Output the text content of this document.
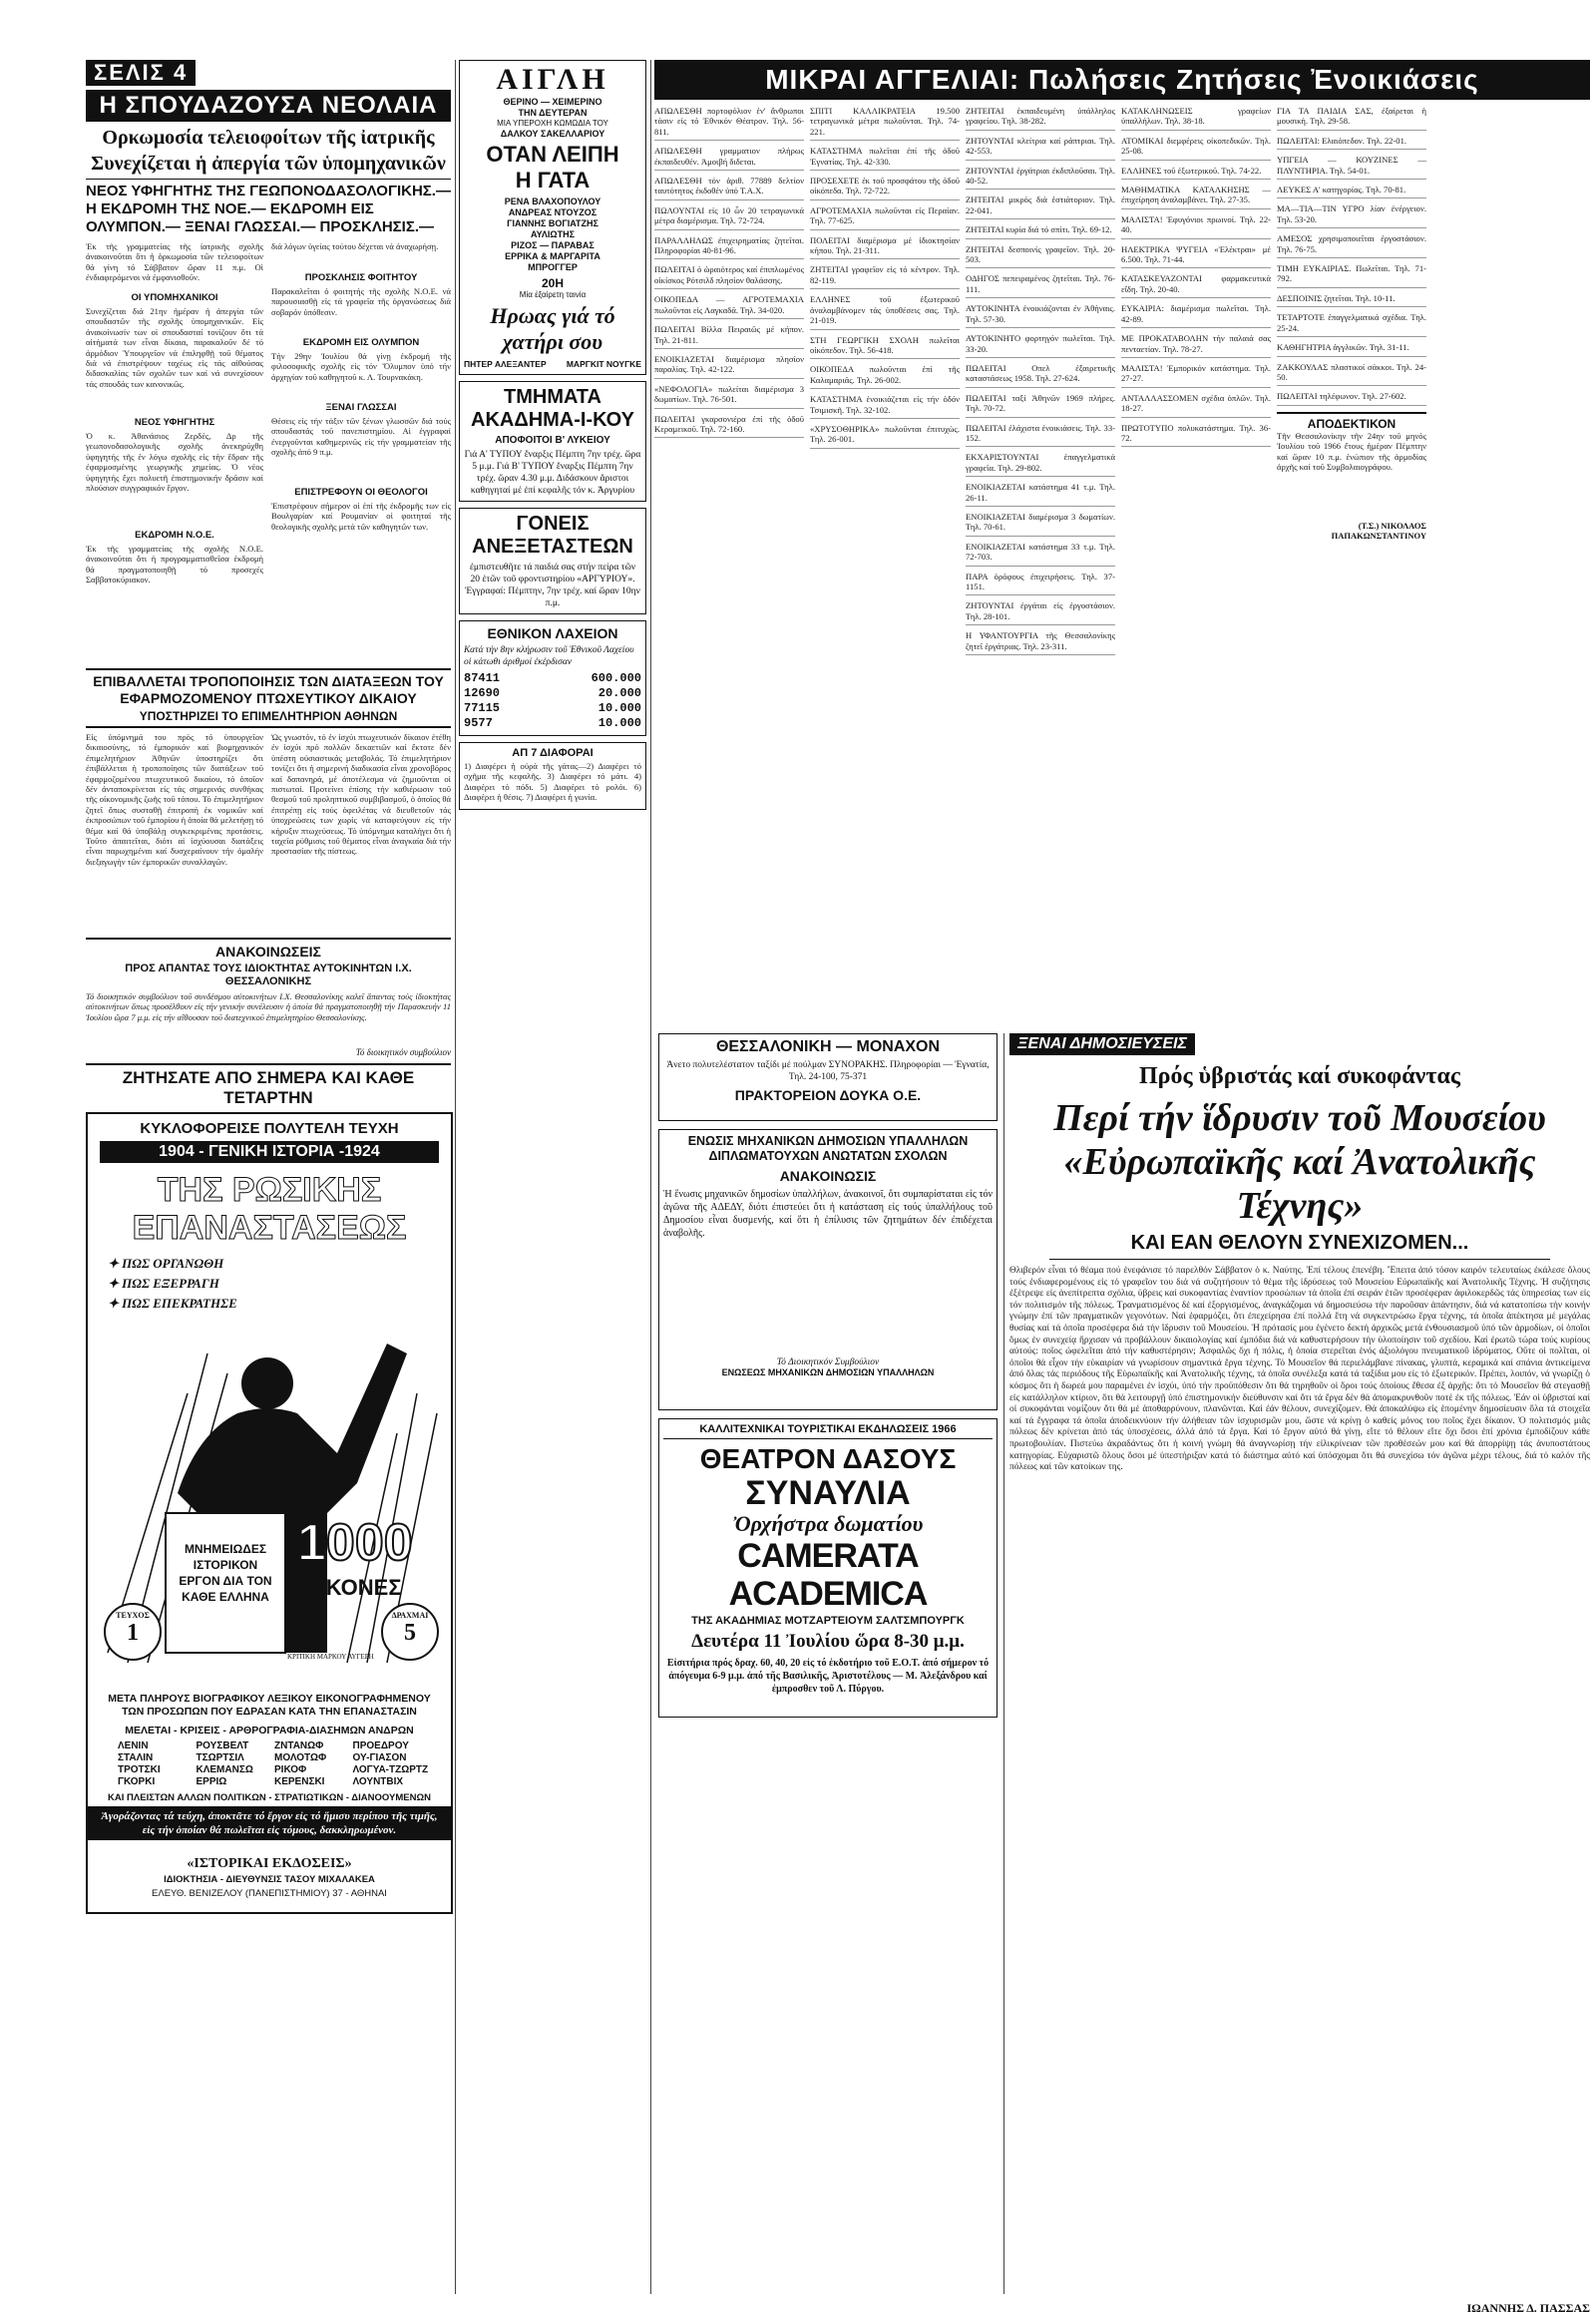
ΣΕΛΙΣ 4
Η ΣΠΟΥΔΑΖΟΥΣΑ ΝΕΟΛΑΙΑ
Ορκωμοσία τελειοφοίτων τῆς ἰατρικῆς
Συνεχίζεται ἡ ἀπεργία τῶν ὑπομηχανικῶν
ΝΕΟΣ ΥΦΗΓΗΤΗΣ ΤΗΣ ΓΕΩΠΟΝΟΔΑΣΟΛΟΓΙΚΗΣ.— Η ΕΚΔΡΟΜΗ ΤΗΣ ΝΟΕ.— ΕΚΔΡΟΜΗ ΕΙΣ ΟΛΥΜΠΟΝ.— ΞΕΝΑΙ ΓΛΩΣΣΑΙ.— ΠΡΟΣΚΛΗΣΙΣ.—
Ἐκ τῆς γραμματείας τῆς ἰατρικῆς σχολῆς ἀνακοινοῦται ὅτι ἡ ὁρκωμοσία τῶν τελειοφοίτων θά γίνη τό Σάββατον ὥραν 11 π.μ. Οἱ ἐνδιαφερόμενοι νά ἐμφανισθοῦν.
ΟΙ ΥΠΟΜΗΧΑΝΙΚΟΙ
Συνεχίζεται διά 21ην ἡμέραν ἡ ἀπεργία τῶν σπουδαστῶν τῆς σχολῆς ὑπομηχανικῶν. Εἰς ἀνακοίνωσίν των οἱ σπουδασταί τονίζουν ὅτι τά αἰτήματά των εἶναι δίκαια, παρακαλοῦν δέ τό ἀρμόδιον Ὑπουργεῖον νά ἐπιληφθῇ τοῦ θέματος διά νά ἐπιστρέψουν ταχέως εἰς τάς αἰθούσας διδασκαλίας τῶν σχολῶν των καί νά συνεχίσουν τάς σπουδάς των κανονικῶς.
ΝΕΟΣ ΥΦΗΓΗΤΗΣ
Ὁ κ. Ἀθανάσιος Ζερδές, Δρ τῆς γεωπονοδασολογικῆς σχολῆς ἀνεκηρύχθη ὑφηγητής τῆς ἐν λόγω σχολῆς εἰς τήν ἕδραν τῆς ἐφαρμοσμένης γεωργικῆς χημείας. Ὁ νέος ὑφηγητής ἔχει πολυετῆ ἐπιστημονικήν δρᾶσιν καί πλούσιον συγγραφικόν ἔργον.
ΕΚΔΡΟΜΗ Ν.Ο.Ε.
Ἐκ τῆς γραμματείας τῆς σχολῆς Ν.Ο.Ε. ἀνακοινοῦται ὅτι ἡ προγραμματισθεῖσα ἐκδρομή θά πραγματοποιηθῇ τό προσεχές Σαββατοκύριακον.
διά λόγων ὑγείας τούτου δέχεται νά ἀναχωρήσῃ.
ΠΡΟΣΚΛΗΣΙΣ ΦΟΙΤΗΤΟΥ
Παρακαλεῖται ὁ φοιτητής τῆς σχολῆς Ν.Ο.Ε. νά παρουσιασθῇ εἰς τά γραφεῖα τῆς ὀργανώσεως διά σοβαρόν ὑπόθεσιν.
ΕΚΔΡΟΜΗ ΕΙΣ ΟΛΥΜΠΟΝ
Τήν 29ην Ἰουλίου θά γίνῃ ἐκδρομή τῆς φιλοσοφικῆς σχολῆς εἰς τόν Ὄλυμπον ὑπό τήν ἀρχηγίαν τοῦ καθηγητοῦ κ. Λ. Τουρνακάκη.
ΞΕΝΑΙ ΓΛΩΣΣΑΙ
Θέσεις εἰς τήν τάξιν τῶν ξένων γλωσσῶν διά τούς σπουδαστάς τοῦ πανεπιστημίου. Αἱ ἐγγραφαί ἐνεργοῦνται καθημερινῶς εἰς τήν γραμματείαν τῆς σχολῆς ἀπό 9 π.μ.
ΕΠΙΣΤΡΕΦΟΥΝ ΟΙ ΘΕΟΛΟΓΟΙ
Ἐπιστρέφουν σήμερον οἱ ἐπί τῆς ἐκδρομῆς των εἰς Βουλγαρίαν καί Ρουμανίαν οἱ φοιτηταί τῆς θεολογικῆς σχολῆς μετά τῶν καθηγητῶν των.
ΕΠΙΒΑΛΛΕΤΑΙ ΤΡΟΠΟΠΟΙΗΣΙΣ ΤΩΝ ΔΙΑΤΑΞΕΩΝ ΤΟΥ ΕΦΑΡΜΟΖΟΜΕΝΟΥ ΠΤΩΧΕΥΤΙΚΟΥ ΔΙΚΑΙΟΥ
ΥΠΟΣΤΗΡΙΖΕΙ ΤΟ ΕΠΙΜΕΛΗΤΗΡΙΟΝ ΑΘΗΝΩΝ
Εἰς ὑπόμνημά του πρός τό ὑπουργεῖον δικαιοσύνης, τό ἐμπορικόν καί βιομηχανικόν ἐπιμελητήριον Ἀθηνῶν ὑποστηρίζει ὅτι ἐπιβάλλεται ἡ τροποποίησις τῶν διατάξεων τοῦ ἐφαρμοζομένου πτωχευτικοῦ δικαίου, τό ὁποῖον δέν ἀνταποκρίνεται εἰς τάς σημερινάς συνθήκας τῆς οἰκονομικῆς ζωῆς τοῦ τόπου. Τό ἐπιμελητήριον ζητεῖ ὅπως συσταθῇ ἐπιτροπή ἐκ νομικῶν καί ἐκπροσώπων τοῦ ἐμπορίου ἡ ὁποία θά μελετήσῃ τό θέμα καί θά ὑποβάλῃ συγκεκριμένας προτάσεις. Τοῦτο ἀπαιτεῖται, διότι αἱ ἰσχύουσαι διατάξεις εἶναι παρωχημέναι καί δυσχεραίνουν τήν ὁμαλήν διεξαγωγήν τῶν ἐμπορικῶν συναλλαγῶν.
Ὡς γνωστόν, τό ἐν ἰσχύι πτωχευτικόν δίκαιον ἐτέθη ἐν ἰσχύι πρό πολλῶν δεκαετιῶν καί ἔκτοτε δέν ὑπέστη οὐσιαστικάς μεταβολάς. Τό ἐπιμελητήριον τονίζει ὅτι ἡ σημερινή διαδικασία εἶναι χρονοβόρος καί δαπανηρά, μέ ἀποτέλεσμα νά ζημιοῦνται οἱ πιστωταί. Προτείνει ἐπίσης τήν καθιέρωσιν τοῦ θεσμοῦ τοῦ προληπτικοῦ συμβιβασμοῦ, ὁ ὁποῖος θά ἐπιτρέπῃ εἰς τούς ὀφειλέτας νά διευθετοῦν τάς ὑποχρεώσεις των χωρίς νά καταφεύγουν εἰς τήν κήρυξιν πτωχεύσεως. Τό ὑπόμνημα καταλήγει ὅτι ἡ ταχεῖα ρύθμισις τοῦ θέματος εἶναι ἀναγκαία διά τήν προστασίαν τῆς πίστεως.
ΑΝΑΚΟΙΝΩΣΕΙΣ
ΠΡΟΣ ΑΠΑΝΤΑΣ ΤΟΥΣ ΙΔΙΟΚΤΗΤΑΣ ΑΥΤΟΚΙΝΗΤΩΝ Ι.Χ. ΘΕΣΣΑΛΟΝΙΚΗΣ
Τό διοικητικόν συμβούλιον τοῦ συνδέσμου αὐτοκινήτων Ι.Χ. Θεσσαλονίκης καλεῖ ἅπαντας τούς ἰδιοκτήτας αὐτοκινήτων ὅπως προσέλθουν εἰς τήν γενικήν συνέλευσιν ἡ ὁποία θά πραγματοποιηθῇ τήν Παρασκευήν 11 Ἰουλίου ὥρα 7 μ.μ. εἰς τήν αἴθουσαν τοῦ διατεχνικοῦ ἐπιμελητηρίου Θεσσαλονίκης.
Τό διοικητικόν συμβούλιον
ΖΗΤΗΣΑΤΕ ΑΠΟ ΣΗΜΕΡΑ ΚΑΙ ΚΑΘΕ ΤΕΤΑΡΤΗΝ
ΚΥΚΛΟΦΟΡΕΙΣΕ ΠΟΛΥΤΕΛΗ ΤΕΥΧΗ
1904 - ΓΕΝΙΚΗ ΙΣΤΟΡΙΑ -1924
ΤΗΣ ΡΩΣΙΚΗΣ
ΕΠΑΝΑΣΤΑΣΕΩΣ
✦ ΠΩΣ ΟΡΓΑΝΩΘΗ
✦ ΠΩΣ ΕΞΕΡΡΑΓΗ
✦ ΠΩΣ ΕΠΕΚΡΑΤΗΣΕ
ΜΝΗΜΕΙΩΔΕΣ ΙΣΤΟΡΙΚΟΝ ΕΡΓΟΝ ΔΙΑ ΤΟΝ ΚΑΘΕ ΕΛΛΗΝΑ
1000
ΕΙΚΟΝΕΣ
ΤΕΥΧΟΣ
1
ΔΡΑΧΜΑΙ
5
ΚΡΙΤΙΚΗ ΜΑΡΚΟΥ ΑΥΓΕΡΗ
ΜΕΤΑ ΠΛΗΡΟΥΣ ΒΙΟΓΡΑΦΙΚΟΥ ΛΕΞΙΚΟΥ ΕΙΚΟΝΟΓΡΑΦΗΜΕΝΟΥ ΤΩΝ ΠΡΟΣΩΠΩΝ ΠΟΥ ΕΔΡΑΣΑΝ ΚΑΤΑ ΤΗΝ ΕΠΑΝΑΣΤΑΣΙΝ
ΜΕΛΕΤΑΙ - ΚΡΙΣΕΙΣ - ΑΡΘΡΟΓΡΑΦΙΑ-ΔΙΑΣΗΜΩΝ ΑΝΔΡΩΝ
ΛΕΝΙΝ	ΡΟΥΣΒΕΛΤ	ΖΝΤΑΝΩΦ	ΠΡΟΕΔΡΟΥ
ΣΤΑΛΙΝ	ΤΣΩΡΤΣΙΛ	ΜΟΛΟΤΩΦ	ΟΥ-ΓΙΑΣΟΝ
ΤΡΟΤΣΚΙ	ΚΛΕΜΑΝΣΩ	ΡΙΚΟΦ	ΛΟΓΥΑ-ΤΖΩΡΤΖ
ΓΚΟΡΚΙ	ΕΡΡΙΩ	ΚΕΡΕΝΣΚΙ	ΛΟΥΝΤΒΙΧ
ΚΑΙ ΠΛΕΙΣΤΩΝ ΑΛΛΩΝ ΠΟΛΙΤΙΚΩΝ - ΣΤΡΑΤΙΩΤΙΚΩΝ - ΔΙΑΝΟΟΥΜΕΝΩΝ
Ἀγοράζοντας τά τεύχη, ἀποκτᾶτε τό ἔργον εἰς τό ἥμισυ περίπου τῆς τιμῆς, εἰς τήν ὁποίαν θά πωλεῖται εἰς τόμους, δακκληρωμένον.
«ΙΣΤΟΡΙΚΑΙ ΕΚΔΟΣΕΙΣ»
ΙΔΙΟΚΤΗΣΙΑ - ΔΙΕΥΘΥΝΣΙΣ ΤΑΣΟΥ ΜΙΧΑΛΑΚΕΑ
ΕΛΕΥΘ. ΒΕΝΙΖΕΛΟΥ (ΠΑΝΕΠΙΣΤΗΜΙΟΥ) 37 - ΑΘΗΝΑΙ
ΑΙΓΛΗ
ΘΕΡΙΝΟ — ΧΕΙΜΕΡΙΝΟ
ΤΗΝ ΔΕΥΤΕΡΑΝ
ΜΙΑ ΥΠΕΡΟΧΗ ΚΩΜΩΔΙΑ ΤΟΥ
ΔΑΛΚΟΥ ΣΑΚΕΛΛΑΡΙΟΥ
ΟΤΑΝ ΛΕΙΠΗ
Η ΓΑΤΑ
ΡΕΝΑ ΒΛΑΧΟΠΟΥΛΟΥ
ΑΝΔΡΕΑΣ ΝΤΟΥΖΟΣ
ΓΙΑΝΝΗΣ ΒΟΓΙΑΤΖΗΣ
ΑΥΛΙΩΤΗΣ
ΡΙΖΟΣ — ΠΑΡΑΒΑΣ
ΕΡΡΙΚΑ & ΜΑΡΓΑΡΙΤΑ
ΜΠΡΟΓΓΕΡ
20Η
Μία ἐξαίρετη ταινία
Ηρωας γιά τό χατήρι σου
ΠΗΤΕΡ ΑΛΕΞΑΝΤΕΡ ΜΑΡΓΚΙΤ ΝΟΥΓΚΕ
ΤΜΗΜΑΤΑ ΑΚΑΔΗΜΑ-Ι-ΚΟΥ
ΑΠΟΦΟΙΤΟΙ Β' ΛΥΚΕΙΟΥ
Γιά Α' ΤΥΠΟΥ ἔναρξις Πέμπτη 7ην τρέχ. ὥρα 5 μ.μ. Γιά Β' ΤΥΠΟΥ ἔναρξις Πέμπτη 7ην τρέχ. ὥραν 4.30 μ.μ. Διδάσκουν ἄριστοι καθηγηταί μέ ἐπί κεφαλῆς τόν κ. Ἀργυρίου
ΓΟΝΕΙΣ ΑΝΕΞΕΤΑΣΤΕΩΝ
ἐμπιστευθῆτε τά παιδιά σας στήν πείρα τῶν 20 ἐτῶν τοῦ φροντιστηρίου «ΑΡΓΥΡΙΟΥ». Ἐγγραφαί: Πέμπτην, 7ην τρέχ. καί ὥραν 10ην π.μ.
ΕΘΝΙΚΟΝ ΛΑΧΕΙΟΝ
Κατά τήν 8ην κλήρωσιν τοῦ Ἐθνικοῦ Λαχείου οἱ κάτωθι ἀριθμοί ἐκέρδισαν
87411	600.000
12690	20.000
77115	10.000
9577	10.000
ΑΠ 7 ΔΙΑΦΟΡΑΙ
1) Διαφέρει ἡ οὐρά τῆς γάτας—2) Διαφέρει τό σχῆμα τῆς κεφαλῆς. 3) Διαφέρει τό μάτι. 4) Διαφέρει τό πόδι. 5) Διαφέρει τό ρολόι. 6) Διαφέρει ἡ θέσις. 7) Διαφέρει ἡ γωνία.
ΜΙΚΡΑΙ ΑΓΓΕΛΙΑΙ: Πωλήσεις Ζητήσεις Ἐνοικιάσεις
ΑΠΩΛΕΣΘΗ πορτοφόλιον ἐν' ἄνθρωποι τάσιν εἰς τό Ἐθνικόν Θέατρον. Τηλ. 56-811.
ΑΠΩΛΕΣΘΗ γραμματιον πλήρως ἐκπαιδευθέν. Ἀμοιβή διδεται.
ΑΠΩΛΕΣΘΗ τόν ἀριθ. 77889 δελτίον ταυτότητος ἐκδοθέν ὑπό Τ.Α.Χ.
ΠΩΛΟΥΝΤΑΙ εἰς 10 ὧν 20 τετραγωνικά μέτρα διαμέρισμα. Τηλ. 72-724.
ΠΑΡΑΛΛΗΛΩΣ ἐπιχειρηματίας ζητεῖται. Πληροφορίαι 40-81-96.
ΠΩΛΕΙΤΑΙ ὁ ὡραιότερος καί ἐπιπλωμένος οἰκίσκος Ρότσιλδ πλησίον θαλάσσης.
ΟΙΚΟΠΕΔΑ — ΑΓΡΟΤΕΜΑΧΙΑ πωλοῦνται εἰς Λαγκαδᾶ. Τηλ. 34-020.
ΠΩΛΕΙΤΑΙ Βίλλα Πειραιῶς μέ κήπον. Τηλ. 21-811.
ΕΝΟΙΚΙΑΖΕΤΑΙ διαμέρισμα πλησίον παραλίας. Τηλ. 42-122.
«ΝΕΦΟΛΟΓΙΑ» πωλείται διαμέρισμα 3 δωματίων. Τηλ. 76-501.
ΠΩΛΕΙΤΑΙ γκαρσονιέρα ἐπί τῆς ὁδοῦ Κεραμεικοῦ. Τηλ. 72-160.
ΣΠΙΤΙ ΚΑΛΛΙΚΡΑΤΕΙΑ 19.500 τετραγωνικά μέτρα πωλοῦνται. Τηλ. 74-221.
ΚΑΤΑΣΤΗΜΑ πωλεῖται ἐπί τῆς ὁδοῦ Ἐγνατίας. Τηλ. 42-330.
ΠΡΟΣΕΧΕΤΕ ἐκ τοῦ προσφάτου τῆς ὁδοῦ οἰκόπεδα. Τηλ. 72-722.
ΑΓΡΟΤΕΜΑΧΙΑ πωλοῦνται εἰς Περαίαν. Τηλ. 77-625.
ΠΟΛΕΙΤΑΙ διαμέρισμα μέ ἰδιοκτησίαν κήπου. Τηλ. 21-311.
ΖΗΤΕΙΤΑΙ γραφεῖον εἰς τό κέντρον. Τηλ. 82-119.
ΕΛΛΗΝΕΣ τοῦ ἐξωτερικοῦ ἀναλαμβάνομεν τάς ὑποθέσεις σας. Τηλ. 21-019.
ΣΤΗ ΓΕΩΡΓΙΚΗ ΣΧΟΛΗ πωλεῖται οἰκόπεδον. Τηλ. 56-418.
ΟΙΚΟΠΕΔΑ πωλοῦνται ἐπί τῆς Καλαμαριᾶς. Τηλ. 26-002.
ΚΑΤΑΣΤΗΜΑ ἐνοικιάζεται εἰς τήν ὁδόν Τσιμισκῆ. Τηλ. 32-102.
«ΧΡΥΣΟΘΗΡΙΚΑ» πωλοῦνται ἐπιτυχώς. Τηλ. 26-001.
ΖΗΤΕΙΤΑΙ ἐκπαιδευμένη ὑπάλληλος γραφείου. Τηλ. 38-282.
ΖΗΤΟΥΝΤΑΙ κλείτρια καί ράπτριαι. Τηλ. 42-553.
ΖΗΤΟΥΝΤΑΙ ἐργάτριαι ἐκδιπλοῦσαι. Τηλ. 40-52.
ΖΗΤΕΙΤΑΙ μικρός διά ἑστιάτοριον. Τηλ. 22-041.
ΖΗΤΕΙΤΑΙ κυρία διά τό σπίτι. Τηλ. 69-12.
ΖΗΤΕΙΤΑΙ δεσποινίς γραφεῖον. Τηλ. 20-503.
ΟΔΗΓΟΣ πεπειραμένος ζητεῖται. Τηλ. 76-111.
ΑΥΤΟΚΙΝΗΤΑ ἐνοικιάζονται ἐν Ἀθήναις. Τηλ. 57-30.
ΑΥΤΟΚΙΝΗΤΟ φορτηγόν πωλεῖται. Τηλ. 33-20.
ΠΩΛΕΙΤΑΙ Οπελ ἐξαιρετικῆς καταστάσεως 1958. Τηλ. 27-624.
ΠΩΛΕΙΤΑΙ ταξί Ἀθηνῶν 1969 πλήρες. Τηλ. 70-72.
ΠΩΛΕΙΤΑΙ ἐλάχιστα ἐνοικιάσεις. Τηλ. 33-152.
ΕΚΧΑΡΙΣΤΟΥΝΤΑΙ ἐπαγγελματικά γραφεῖα. Τηλ. 29-802.
ΕΝΟΙΚΙΑΖΕΤΑΙ κατάστημα 41 τ.μ. Τηλ. 26-11.
ΕΝΟΙΚΙΑΖΕΤΑΙ διαμέρισμα 3 δωματίων. Τηλ. 70-61.
ΕΝΟΙΚΙΑΖΕΤΑΙ κατάστημα 33 τ.μ. Τηλ. 72-703.
ΠΑΡΑ ὀρόφους ἐπιχειρήσεις. Τηλ. 37-1151.
ΖΗΤΟΥΝΤΑΙ ἐργάται εἰς ἐργοστάσιον. Τηλ. 28-101.
Η ΥΦΑΝΤΟΥΡΓΙΑ τῆς Θεσσαλονίκης ζητεῖ ἐργάτριας. Τηλ. 23-311.
ΚΑΤΑΚΛΗΝΩΣΕΙΣ γραφείων ὑπαλλήλων. Τηλ. 38-18.
ΑΤΟΜΙΚΑΙ διεμφέρεις οἰκοπεδικῶν. Τηλ. 25-08.
ΕΛΛΗΝΕΣ τοῦ ἐξωτερικοῦ. Τηλ. 74-22.
ΜΑΘΗΜΑΤΙΚΑ ΚΑΤΑΛΚΗΣΗΣ — ἐπιχείρηση ἀναλαμβάνει. Τηλ. 27-35.
ΜΑΛΙΣΤΑ! Ἐφυγόνιοι πρωινοί. Τηλ. 22-40.
ΗΛΕΚΤΡΙΚΑ ΨΥΓΕΙΑ «Ἐλέκτραι» μέ 6.500. Τηλ. 71-44.
ΚΑΤΑΣΚΕΥΑΖΟΝΤΑΙ φαρμακευτικά εἴδη. Τηλ. 20-40.
ΕΥΚΑΙΡΙΑ: διαμέρισμα πωλεῖται. Τηλ. 42-89.
ΜΕ ΠΡΟΚΑΤΑΒΟΛΗΝ τήν παλαιά σας πενταετίαν. Τηλ. 78-27.
ΜΑΛΙΣΤΑ! Ἐμπορικόν κατάστημα. Τηλ. 27-27.
ΑΝΤΑΛΛΑΣΣΟΜΕΝ σχέδια ὁπλῶν. Τηλ. 18-27.
ΠΡΩΤΟΤΥΠΟ πολυκατάστημα. Τηλ. 36-72.
ΓΙΑ ΤΑ ΠΑΙΔΙΑ ΣΑΣ, ἐξαίρεται ἡ μουσική. Τηλ. 29-58.
ΠΩΛΕΙΤΑΙ: Ελαιόπεδον. Τηλ. 22-01.
ΥΠΓΕΙΑ — ΚΟΥΖΙΝΕΣ — ΠΛΥΝΤΗΡΙΑ. Τηλ. 54-01.
ΛΕΥΚΕΣ Α' κατηγορίας. Τηλ. 70-81.
ΜΑ—ΤΙΑ—ΤΙΝ ΥΓΡΟ λίαν ἐνέργειον. Τηλ. 53-20.
ΑΜΕΣΟΣ χρησιμοποιεῖται ἐργοστάσιον. Τηλ. 76-75.
ΤΙΜΗ ΕΥΚΑΙΡΙΑΣ. Πωλεῖται. Τηλ. 71-792.
ΔΕΣΠΟΙΝΙΣ ζητεῖται. Τηλ. 10-11.
ΤΕΤΑΡΤΟΤΕ ἐπαγγελματικά σχέδια. Τηλ. 25-24.
ΚΑΘΗΓΗΤΡΙΑ ἀγγλικῶν. Τηλ. 31-11.
ΖΑΚΚΟΥΛΑΣ πλαστικοί σάκκοι. Τηλ. 24-50.
ΠΩΛΕΙΤΑΙ τηλέφωνον. Τηλ. 27-602.
ΑΠΟΔΕΚΤΙΚΟΝ
Τῆν Θεσσαλονίκην τῆν 24ην τοῦ μηνός Ἰουλίου τοῦ 1966 ἔτους ἡμέραν Πέμπτην καί ὥραν 10 π.μ. ἐνώπιον τῆς ἁρμοδίας ἀρχῆς καί τοῦ Συμβολαιογράφου.
(Τ.Σ.) ΝΙΚΟΛΑΟΣ ΠΑΠΑΚΩΝΣΤΑΝΤΙΝΟΥ
ΘΕΣΣΑΛΟΝΙΚΗ — ΜΟΝΑΧΟΝ
Ἀνετο πολυτελέστατον ταξίδι μέ πούλμαν ΣΥΝΟΡΑΚΗΣ. Πληροφορίαι — Ἐγνατία, Τηλ. 24-100, 75-371
ΠΡΑΚΤΟΡΕΙΟΝ ΔΟΥΚΑ Ο.Ε.
ΕΝΩΣΙΣ ΜΗΧΑΝΙΚΩΝ ΔΗΜΟΣΙΩΝ ΥΠΑΛΛΗΛΩΝ ΔΙΠΛΩΜΑΤΟΥΧΩΝ ΑΝΩΤΑΤΩΝ ΣΧΟΛΩΝ
ΑΝΑΚΟΙΝΩΣΙΣ
Ἡ ἕνωσις μηχανικῶν δημοσίων ὑπαλλήλων, ἀνακοινοῖ, ὅτι συμπαρίσταται εἰς τόν ἀγῶνα τῆς ΑΔΕΔΥ, διότι ἐπιστεύει ὅτι ἡ κατάσταση εἰς τούς ὑπαλλήλους τοῦ Δημοσίου εἶναι δυσμενής, καί ὅτι ἡ ἐπίλυσις τῶν ζητημάτων δέν ἐπιδέχεται ἀναβολῆς.
Τό Διοικητικόν Συμβούλιον
ΕΝΩΣΕΩΣ ΜΗΧΑΝΙΚΩΝ ΔΗΜΟΣΙΩΝ ΥΠΑΛΛΗΛΩΝ
ΚΑΛΛΙΤΕΧΝΙΚΑΙ ΤΟΥΡΙΣΤΙΚΑΙ ΕΚΔΗΛΩΣΕΙΣ 1966
ΘΕΑΤΡΟΝ ΔΑΣΟΥΣ
ΣΥΝΑΥΛΙΑ
Ὀρχήστρα δωματίου
CAMERATA ACADEMICA
ΤΗΣ ΑΚΑΔΗΜΙΑΣ ΜΟΤΖΑΡΤΕΙΟΥΜ ΣΑΛΤΣΜΠΟΥΡΓΚ
Δευτέρα 11 Ἰουλίου ὥρα 8-30 μ.μ.
Εἰσιτήρια πρός δραχ. 60, 40, 20 εἰς τό ἐκδοτήριο τοῦ Ε.Ο.Τ. ἀπό σήμερον τό ἀπόγευμα 6-9 μ.μ. ἀπό τῆς Βασιλικῆς, Ἀριστοτέλους — Μ. Ἀλεξάνδρου καί ἐμπροσθεν τοῦ Λ. Πύργου.
ΞΕΝΑΙ ΔΗΜΟΣΙΕΥΣΕΙΣ
Πρός ὑβριστάς καί συκοφάντας
Περί τήν ἵδρυσιν τοῦ Μουσείου
«Εὐρωπαϊκῆς καί Ἀνατολικῆς Τέχνης»
ΚΑΙ ΕΑΝ ΘΕΛΟΥΝ ΣΥΝΕΧΙΖΟΜΕΝ...
Θλιβερόν εἶναι τό θέαμα πού ἐνεφάνισε τό παρελθόν Σάββατον ὁ κ. Ναύτης. Ἐπί τέλους ἐπενέβη. Ἔπειτα ἀπό τόσον καιρόν τελευταίως ἐκάλεσε ὅλους τούς ἐνδιαφερομένους εἰς τό γραφεῖον του διά νά συζητήσουν τό θέμα τῆς ἱδρύσεως τοῦ Μουσείου Εὐρωπαϊκῆς καί Ἀνατολικῆς Τέχνης. Ἡ συζήτησις ἐξέτρεψε εἰς ἀνεπίτρεπτα σχόλια, ὑβρεις καί συκοφαντίας ἐναντίον προσώπων τά ὁποῖα ἐπί σειράν ἐτῶν προσέφεραν ἀφιλοκερδῶς τάς ὑπηρεσίας των εἰς τόν πολιτισμόν τῆς πόλεως. Τρανματισμένος δέ καί ἐξοργισμένος, ἀναγκάζομαι νά δημοσιεύσω τήν παροῦσαν ἀπάντησιν, διά νά κατατοπίσω τήν κοινήν γνώμην ἐπί τῶν πραγματικῶν γεγονότων. Ναί ἐφαρμόζει, ὅτι ἐπεχείρησα ἐπί πολλά ἔτη νά συγκεντρώσω ἔργα τέχνης, τά ὁποῖα ἀπέκτησα μέ μεγάλας θυσίας καί τά ὁποῖα προσέφερα διά τήν ἵδρυσιν τοῦ Μουσείου. Ἡ πρότασίς μου ἐγένετο δεκτή ἀρχικῶς μετά ἐνθουσιασμοῦ ὑπό τῶν ἀρμοδίων, οἱ ὁποῖοι ὅμως ἐν συνεχείᾳ ἤρχισαν νά προβάλλουν δικαιολογίας καί ἐμπόδια διά νά καθυστερήσουν τήν ὑλοποίησιν τοῦ σχεδίου. Καί ἐρωτῶ τώρα τούς κυρίους αὐτούς: ποῖος ὠφελεῖται ἀπό τήν καθυστέρησιν; Ἀσφαλῶς ὄχι ἡ πόλις, ἡ ὁποία στερεῖται ἑνός ἀξιολόγου πνευματικοῦ ἱδρύματος. Οὔτε οἱ πολῖται, οἱ ὁποῖοι θά εἶχον τήν εὐκαιρίαν νά γνωρίσουν σημαντικά ἔργα τέχνης. Τό Μουσεῖον θά περιελάμβανε πίνακας, γλυπτά, κεραμικά καί σπάνια ἀντικείμενα ἀπό ὅλας τάς περιόδους τῆς Εὐρωπαϊκῆς καί Ἀνατολικῆς τέχνης, τά ὁποῖα συνέλεξα κατά τά ταξίδια μου εἰς τό ἐξωτερικόν. Πρέπει, λοιπόν, νά γνωρίζῃ ὁ κόσμος ὅτι ἡ δωρεά μου παραμένει ἐν ἰσχύι, ὑπό τήν προϋπόθεσιν ὅτι θά τηρηθοῦν οἱ ὅροι τούς ὁποίους ἔθεσα ἐξ ἀρχῆς: ὅτι τό Μουσεῖον θά στεγασθῇ εἰς κατάλληλον κτίριον, ὅτι θά λειτουργῇ ὑπό ἐπιστημονικήν διεύθυνσιν καί ὅτι τά ἔργα δέν θά ἀπομακρυνθοῦν ποτέ ἐκ τῆς πόλεως. Ἐάν οἱ ὑβρισταί καί οἱ συκοφάνται νομίζουν ὅτι θά μέ ἀποθαρρύνουν, πλανῶνται. Καί ἐάν θέλουν, συνεχίζομεν. Θά ἀποκαλύψω εἰς ἑπομένην δημοσίευσιν ὅλα τά στοιχεῖα καί τά ἔγγραφα τά ὁποῖα ἀποδεικνύουν τήν ἀλήθειαν τῶν ἰσχυρισμῶν μου, ὥστε νά κρίνῃ ὁ καθείς μόνος του ποῖος ἔχει δίκαιον. Ὁ πολιτισμός μιᾶς πόλεως δέν κρίνεται ἀπό τάς ὑποσχέσεις, ἀλλά ἀπό τά ἔργα. Καί τό ἔργον αὐτό θά γίνῃ, εἴτε τό θέλουν εἴτε ὄχι ὅσοι ἐπί χρόνια ἐμποδίζουν κάθε πρωτοβουλίαν. Πιστεύω ἀκραδάντως ὅτι ἡ κοινή γνώμη θά ἀναγνωρίσῃ τήν εἰλικρίνειαν τῶν προθέσεών μου καί θά ἀπορρίψῃ τάς ἀνυποστάτους κατηγορίας. Εὐχαριστῶ ὅλους ὅσοι μέ ὑπεστήριξαν κατά τό διάστημα αὐτό καί ὑπόσχομαι ὅτι θά συνεχίσω τόν ἀγῶνα μέχρι τέλους, διά τό καλόν τῆς πόλεως καί τῶν κατοίκων της.
ΙΩΑΝΝΗΣ Δ. ΠΑΣΣΑΣ
